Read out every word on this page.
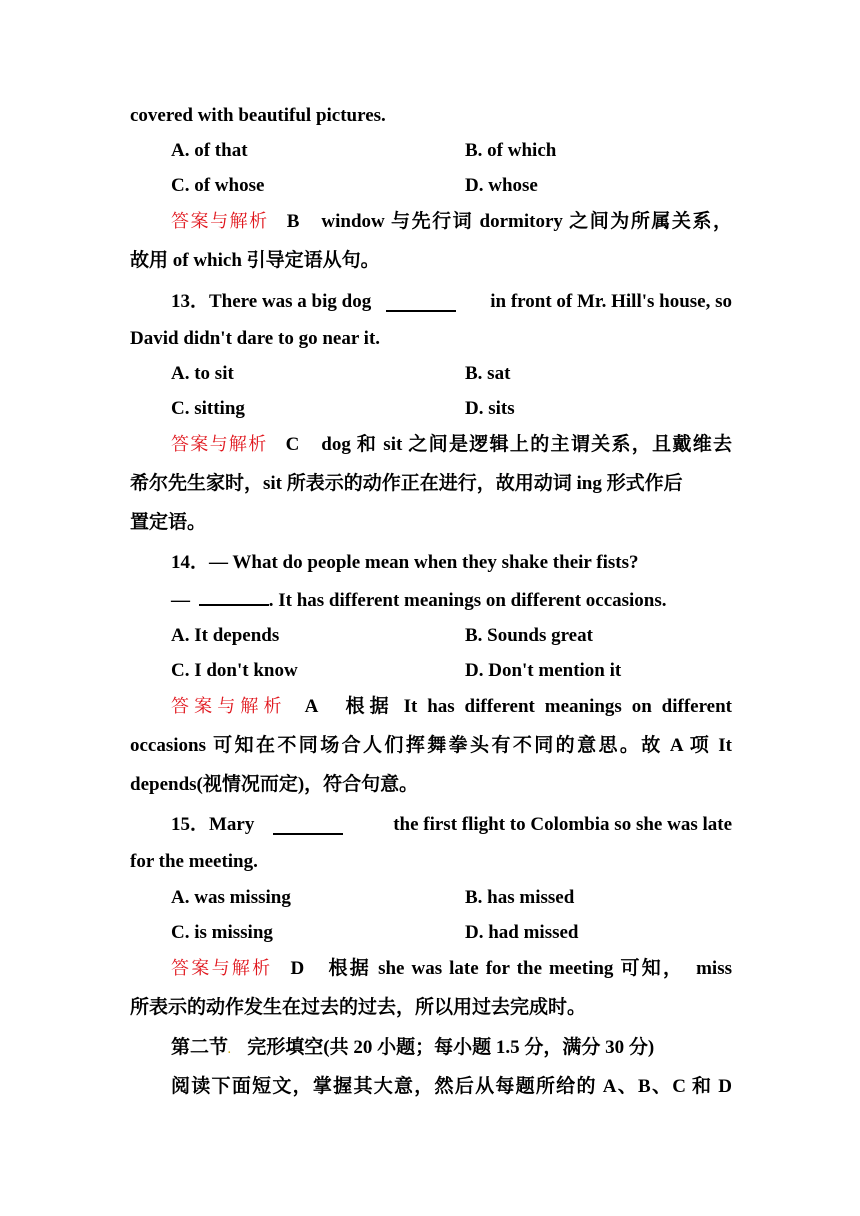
covered with beautiful pictures.
A. of that	B. of which
C. of whose	D. whose
答案与解析 B window 与先行词 dormitory 之间为所属关系，
故用 of which 引导定语从句。
13．There was a big dog	in front of Mr. Hill's house, so
David didn't dare to go near it.
A. to sit	B. sat
C. sitting	D. sits
答案与解析 C dog 和 sit 之间是逻辑上的主谓关系，且戴维去
希尔先生家时，sit 所表示的动作正在进行，故用动词 ing 形式作后
置定语。
14．— What do people mean when they shake their fists?
—	. It has different meanings on different occasions.
A. It depends	B. Sounds great
C. I don't know	D. Don't mention it
答案与解析 A 根据 It has different meanings on different
occasions 可知在不同场合人们挥舞拳头有不同的意思。故 A 项 It
depends(视情况而定)，符合句意。
15．Mary	the first flight to Colombia so she was late
for the meeting.
A. was missing	B. has missed
C. is missing	D. had missed
答案与解析 D 根据 she was late for the meeting 可知，　miss
所表示的动作发生在过去的过去，所以用过去完成时。
第二节. 完形填空(共 20 小题；每小题 1.5 分，满分 30 分)
阅读下面短文，掌握其大意，然后从每题所给的 A、B、C 和 D
